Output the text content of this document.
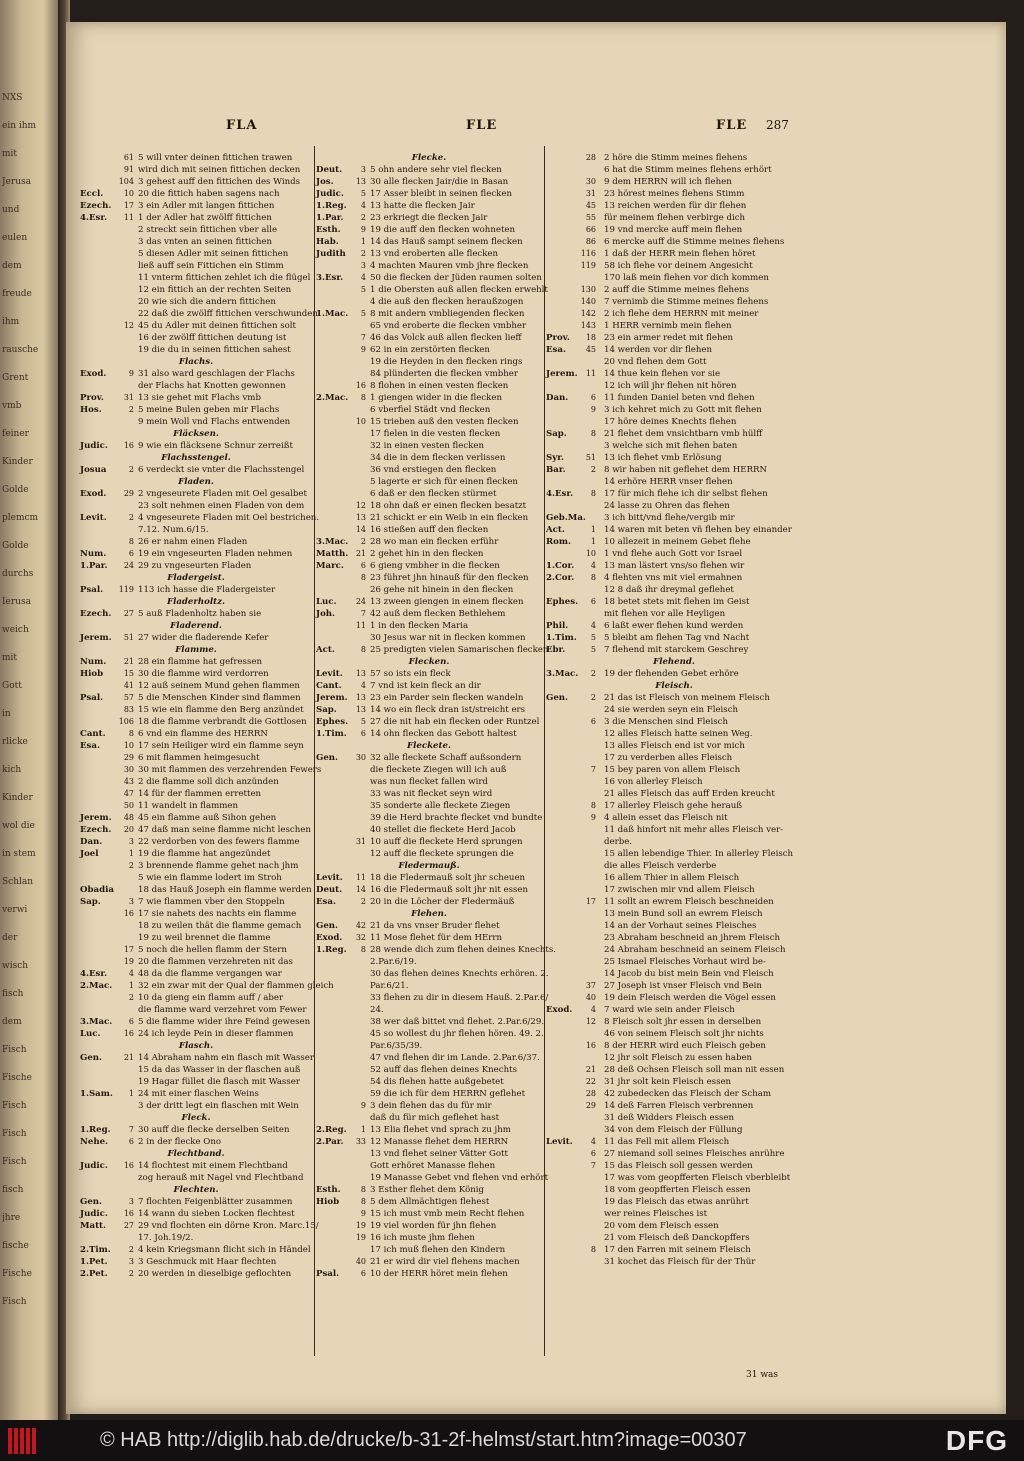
NXS
ein ihm
mit
Jerusa
und
eulen
dem
freude
ihm
rausche
Grent
vmb
feiner
Kinder
Golde
plemcm
Golde
durchs
Ierusa
weich
mit
Gott
in
rlicke
kich
Kinder
wol die
in stem
Schlan
verwi
der
wisch
fisch
dem
Fisch
Fische
Fisch
Fisch
Fisch
fisch
jhre
fische
Fische
Fisch
FLA	FLE	FLE 287
61 5 will vnter deinen fittichen trawen
91 wird dich mit seinen fittichen decken
104 3 gehest auff den fittichen des Winds
Eccl.	10 20 die fittich haben sagens nach
Ezech.	17 3 ein Adler mit langen fittichen
4.Esr.	11 1 der Adler hat zwölff fittichen
2 streckt sein fittichen vber alle
3 das vnten an seinen fittichen
5 diesen Adler mit seinen fittichen
ließ auff sein Fittichen ein Stimm
11 vnterm fittichen zehlet ich die flügel
12 ein fittich an der rechten Seiten
20 wie sich die andern fittichen
22 daß die zwölff fittichen verschwunden
12 45 du Adler mit deinen fittichen solt
16 der zwölff fittichen deutung ist
19 die du in seinen fittichen sahest
Flachs.
Exod.	9 31 also ward geschlagen der Flachs
der Flachs hat Knotten gewonnen
Prov.	31 13 sie gehet mit Flachs vmb
Hos.	2 5 meine Bulen geben mir Flachs
9 mein Woll vnd Flachs entwenden
Fläcksen.
Judic.	16 9 wie ein fläcksene Schnur zerreißt
Flachsstengel.
Josua	2 6 verdeckt sie vnter die Flachsstengel
Fladen.
Exod.	29 2 vngeseurete Fladen mit Oel gesalbet
23 solt nehmen einen Fladen von dem
Levit.	2 4 vngeseurete Fladen mit Oel bestrichen.
7.12. Num.6/15.
8 26 er nahm einen Fladen
Num.	6 19 ein vngeseurten Fladen nehmen
1.Par.	24 29 zu vngeseurten Fladen
Fladergeist.
Psal.	119 113 ich hasse die Fladergeister
Fladerholtz.
Ezech.	27 5 auß Fladenholtz haben sie
Fladerend.
Jerem.	51 27 wider die fladerende Kefer
Flamme.
Num.	21 28 ein flamme hat gefressen
Hiob	15 30 die flamme wird verdorren
41 12 auß seinem Mund gehen flammen
Psal.	57 5 die Menschen Kinder sind flammen
83 15 wie ein flamme den Berg anzündet
106 18 die flamme verbrandt die Gottlosen
Cant.	8 6 vnd ein flamme des HERRN
Esa.	10 17 sein Heiliger wird ein flamme seyn
29 6 mit flammen heimgesucht
30 30 mit flammen des verzehrenden Fewers
43 2 die flamme soll dich anzünden
47 14 für der flammen erretten
50 11 wandelt in flammen
Jerem.	48 45 ein flamme auß Sihon gehen
Ezech.	20 47 daß man seine flamme nicht leschen
Dan.	3 22 verdorben von des fewers flamme
Joel	1 19 die flamme hat angezündet
2 3 brennende flamme gehet nach jhm
5 wie ein flamme lodert im Stroh
Obadia	18 das Hauß Joseph ein flamme werden
Sap.	3 7 wie flammen vber den Stoppeln
16 17 sie nahets des nachts ein flamme
18 zu weilen thät die flamme gemach
19 zu weil brennet die flamme
17 5 noch die hellen flamm der Stern
19 20 die flammen verzehreten nit das
4.Esr.	4 48 da die flamme vergangen war
2.Mac.	1 32 ein zwar mit der Qual der flammen gleich
2 10 da gieng ein flamm auff / aber
die flamme ward verzehret vom Fewer
3.Mac.	6 5 die flamme wider ihre Feind gewesen
Luc.	16 24 ich leyde Pein in dieser flammen
Flasch.
Gen.	21 14 Abraham nahm ein flasch mit Wasser
15 da das Wasser in der flaschen auß
19 Hagar füllet die flasch mit Wasser
1.Sam.	1 24 mit einer flaschen Weins
3 der dritt legt ein flaschen mit Wein
Fleck.
1.Reg.	7 30 auff die flecke derselben Seiten
Nehe.	6 2 in der flecke Ono
Flechtband.
Judic.	16 14 flochtest mit einem Flechtband
zog herauß mit Nagel vnd Flechtband
Flechten.
Gen.	3 7 flochten Feigenblätter zusammen
Judic.	16 14 wann du sieben Locken flechtest
Matt.	27 29 vnd flochten ein dörne Kron. Marc.15/
17. Joh.19/2.
2.Tim.	2 4 kein Kriegsmann flicht sich in Händel
1.Pet.	3 3 Geschmuck mit Haar flechten
2.Pet.	2 20 werden in dieselbige geflochten
Flecke.
Deut.	3 5 ohn andere sehr viel flecken
Jos.	13 30 alle flecken Jair/die in Basan
Judic.	5 17 Asser bleibt in seinen flecken
1.Reg.	4 13 hatte die flecken Jair
1.Par.	2 23 erkriegt die flecken Jair
Esth.	9 19 die auff den flecken wohneten
Hab.	1 14 das Hauß sampt seinem flecken
Judith	2 13 vnd eroberten alle flecken
3 4 machten Mauren vmb jhre flecken
3.Esr.	4 50 die flecken der Jüden raumen solten
5 1 die Obersten auß allen flecken erwehlt
4 die auß den flecken heraußzogen
1.Mac.	5 8 mit andern vmbliegenden flecken
65 vnd eroberte die flecken vmbher
7 46 das Volck auß allen flecken lieff
9 62 in ein zerstörten flecken
19 die Heyden in den flecken rings
84 plünderten die flecken vmbher
16 8 flohen in einen vesten flecken
2.Mac.	8 1 giengen wider in die flecken
6 vberfiel Städt vnd flecken
10 15 trieben auß den vesten flecken
17 fielen in die vesten flecken
32 in einen vesten flecken
34 die in dem flecken verlissen
36 vnd erstiegen den flecken
5 lagerte er sich für einen flecken
6 daß er den flecken stürmet
12 18 ohn daß er einen flecken besatzt
13 21 schickt er ein Weib in ein flecken
14 16 stießen auff den flecken
3.Mac.	2 28 wo man ein flecken erführ
Matth. 21 2 gehet hin in den flecken
Marc.	6 6 gieng vmbher in die flecken
8 23 führet jhn hinauß für den flecken
26 gehe nit hinein in den flecken
Luc.	24 13 zween giengen in einem flecken
Joh.	7 42 auß dem flecken Bethlehem
11 1 in den flecken Maria
30 Jesus war nit in flecken kommen
Act.	8 25 predigten vielen Samarischen flecken
Flecken.
Levit.	13 57 so ists ein fleck
Cant.	4 7 vnd ist kein fleck an dir
Jerem.	13 23 ein Parder sein flecken wandeln
Sap.	13 14 wo ein fleck dran ist/streicht ers
Ephes.	5 27 die nit hab ein flecken oder Runtzel
1.Tim.	6 14 ohn flecken das Gebott haltest
Fleckete.
Gen.	30 32 alle fleckete Schaff außsondern
die fleckete Ziegen will ich auß
was nun flecket fallen wird
33 was nit flecket seyn wird
35 sonderte alle fleckete Ziegen
39 die Herd brachte flecket vnd bundte
40 stellet die fleckete Herd Jacob
31 10 auff die fleckete Herd sprungen
12 auff die fleckete sprungen die
Fledermauß.
Levit.	11 18 die Fledermauß solt jhr scheuen
Deut.	14 16 die Fledermauß solt jhr nit essen
Esa.	2 20 in die Löcher der Fledermäuß
Flehen.
Gen.	42 21 da vns vnser Bruder flehet
Exod.	32 11 Mose flehet für dem HErrn
1.Reg.	8 28 wende dich zum flehen deines Knechts.
2.Par.6/19.
30 das flehen deines Knechts erhören. 2.
Par.6/21.
33 flehen zu dir in diesem Hauß. 2.Par.6/
24.
38 wer daß bittet vnd flehet. 2.Par.6/29.
45 so wollest du jhr flehen hören. 49. 2.
Par.6/35/39.
47 vnd flehen dir im Lande. 2.Par.6/37.
52 auff das flehen deines Knechts
54 dis flehen hatte außgebetet
59 die ich für dem HERRN geflehet
9 3 dein flehen das du für mir
daß du für mich geflehet hast
2.Reg.	1 13 Elia flehet vnd sprach zu jhm
2.Par.	33 12 Manasse flehet dem HERRN
13 vnd flehet seiner Vätter Gott
Gott erhöret Manasse flehen
19 Manasse Gebet vnd flehen vnd erhört
Esth.	8 3 Esther flehet dem König
Hiob	8 5 dem Allmächtigen flehest
9 15 ich must vmb mein Recht flehen
19 19 viel worden für jhn flehen
19 16 ich muste jhm flehen
17 ich muß flehen den Kindern
40 21 er wird dir viel flehens machen
Psal.	6 10 der HERR höret mein flehen
28 2 höre die Stimm meines flehens
6 hat die Stimm meines flehens erhört
30 9 dem HERRN will ich flehen
31 23 hörest meines flehens Stimm
45 13 reichen werden für dir flehen
55 für meinem flehen verbirge dich
66 19 vnd mercke auff mein flehen
86 6 mercke auff die Stimme meines flehens
116 1 daß der HERR mein flehen höret
119 58 ich flehe vor deinem Angesicht
170 laß mein flehen vor dich kommen
130 2 auff die Stimme meines flehens
140 7 vernimb die Stimme meines flehens
142 2 ich flehe dem HERRN mit meiner
143 1 HERR vernimb mein flehen
Prov.	18 23 ein armer redet mit flehen
Esa.	45 14 werden vor dir flehen
20 vnd flehen dem Gott
Jerem.	11 14 thue kein flehen vor sie
12 ich will jhr flehen nit hören
Dan.	6 11 funden Daniel beten vnd flehen
9 3 ich kehret mich zu Gott mit flehen
17 höre deines Knechts flehen
Sap.	8 21 flehet dem vnsichtbarn vmb hülff
3 welche sich mit flehen baten
Syr.	51 13 ich flehet vmb Erlösung
Bar.	2 8 wir haben nit geflehet dem HERRN
14 erhöre HERR vnser flehen
4.Esr.	8 17 für mich flehe ich dir selbst flehen
24 lasse zu Ohren das flehen
Geb.Ma. 3 ich bitt/vnd flehe/vergib mir
Act.	1 14 waren mit beten vñ flehen bey einander
Rom.	1 10 allezeit in meinem Gebet flehe
10 1 vnd flehe auch Gott vor Israel
1.Cor.	4 13 man lästert vns/so flehen wir
2.Cor.	8 4 flehten vns mit viel ermahnen
12 8 daß ihr dreymal geflehet
Ephes.	6 18 betet stets mit flehen im Geist
mit flehen vor alle Heyligen
Phil.	4 6 laßt ewer flehen kund werden
1.Tim.	5 5 bleibt am flehen Tag vnd Nacht
Ebr.	5 7 flehend mit starckem Geschrey
Flehend.
3.Mac.	2 19 der flehenden Gebet erhöre
Fleisch.
Gen.	2 21 das ist Fleisch von meinem Fleisch
24 sie werden seyn ein Fleisch
6 3 die Menschen sind Fleisch
12 alles Fleisch hatte seinen Weg.
13 alles Fleisch end ist vor mich
17 zu verderben alles Fleisch
7 15 bey paren von allem Fleisch
16 von allerley Fleisch
21 alles Fleisch das auff Erden kreucht
8 17 allerley Fleisch gehe herauß
9 4 allein esset das Fleisch nit
11 daß hinfort nit mehr alles Fleisch ver-
derbe.
15 allen lebendige Thier. In allerley Fleisch
die alles Fleisch verderbe
16 allem Thier in allem Fleisch
17 zwischen mir vnd allem Fleisch
17 11 sollt an ewrem Fleisch beschneiden
13 mein Bund soll an ewrem Fleisch
14 an der Vorhaut seines Fleisches
23 Abraham beschneid an jhrem Fleisch
24 Abraham beschneid an seinem Fleisch
25 Ismael Fleisches Vorhaut wird be-
14 Jacob du bist mein Bein vnd Fleisch
37 27 Joseph ist vnser Fleisch vnd Bein
40 19 dein Fleisch werden die Vögel essen
Exod.	4 7 ward wie sein ander Fleisch
12 8 Fleisch solt jhr essen in derselben
46 von seinem Fleisch solt jhr nichts
16 8 der HERR wird euch Fleisch geben
12 jhr solt Fleisch zu essen haben
21 28 deß Ochsen Fleisch soll man nit essen
22 31 jhr solt kein Fleisch essen
28 42 zubedecken das Fleisch der Scham
29 14 deß Farren Fleisch verbrennen
31 deß Widders Fleisch essen
34 von dem Fleisch der Füllung
Levit.	4 11 das Fell mit allem Fleisch
6 27 niemand soll seines Fleisches anrühre
7 15 das Fleisch soll gessen werden
17 was vom geopfferten Fleisch vberbleibt
18 vom geopfferten Fleisch essen
19 das Fleisch das etwas anrührt
wer reines Fleisches ist
20 vom dem Fleisch essen
21 vom Fleisch deß Danckopffers
8 17 den Farren mit seinem Fleisch
31 kochet das Fleisch für der Thür
31 was
© HAB http://diglib.hab.de/drucke/b-31-2f-helmst/start.htm?image=00307	DFG
